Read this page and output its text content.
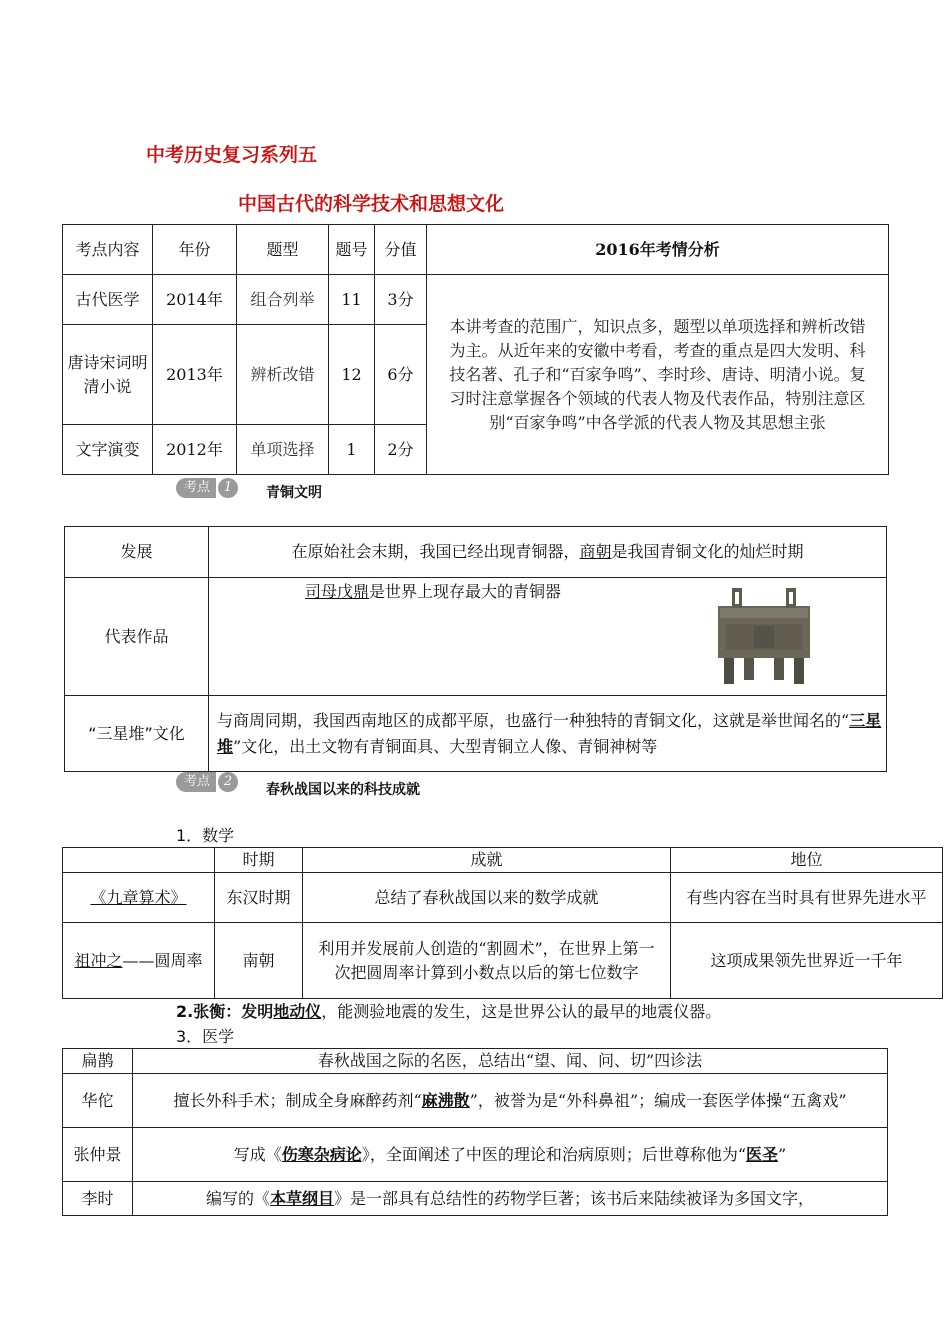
中考历史复习系列五
中国古代的科学技术和思想文化
考点内容	年份	题型	题号	分值	2016年考情分析
古代医学	2014年	组合列举	11	3分	本讲考查的范围广，知识点多，题型以单项选择和辨析改错为主。从近年来的安徽中考看，考查的重点是四大发明、科技名著、孔子和“百家争鸣”、李时珍、唐诗、明清小说。复习时注意掌握各个领域的代表人物及代表作品，特别注意区别“百家争鸣”中各学派的代表人物及其思想主张
唐诗宋词明清小说	2013年	辨析改错	12	6分	
文字演变	2012年	单项选择	1	2分	
考点	1	青铜文明
发展	在原始社会末期，我国已经出现青铜器，商朝是我国青铜文化的灿烂时期
代表作品	司母戊鼎是世界上现存最大的青铜器

“三星堆”文化	与商周同期，我国西南地区的成都平原，也盛行一种独特的青铜文化，这就是举世闻名的“三星堆”文化，出土文物有青铜面具、大型青铜立人像、青铜神树等
考点	2
春秋战国以来的科技成就
1．数学
	时期	成就	地位
《九章算术》	东汉时期	总结了春秋战国以来的数学成就	有些内容在当时具有世界先进水平
祖冲之——圆周率	南朝	利用并发展前人创造的“割圆术”，在世界上第一次把圆周率计算到小数点以后的第七位数字	这项成果领先世界近一千年
2.张衡：发明地动仪，能测验地震的发生，这是世界公认的最早的地震仪器。
3．医学
扁鹊	春秋战国之际的名医，总结出“望、闻、问、切”四诊法
华佗	擅长外科手术；制成全身麻醉药剂“麻沸散”，被誉为是“外科鼻祖”；编成一套医学体操“五禽戏”
张仲景	写成《伤寒杂病论》，全面阐述了中医的理论和治病原则；后世尊称他为“医圣”
李时	编写的《本草纲目》是一部具有总结性的药物学巨著；该书后来陆续被译为多国文字，
